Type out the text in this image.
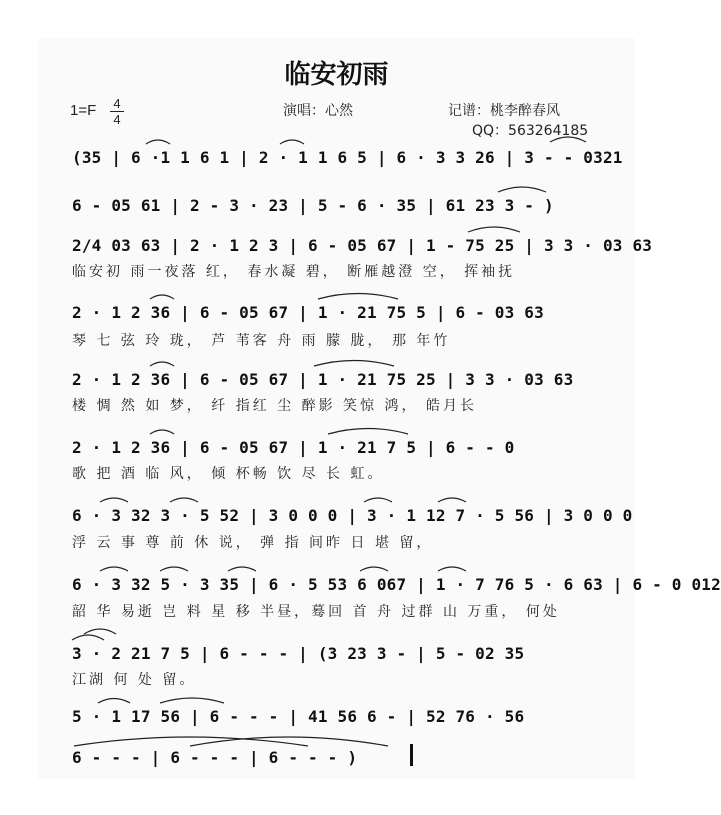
临安初雨
1=F 4
4
演唱：心然	记谱：桃李醉春风
QQ：563264185
(35 | 6 ·1 1 6 1 | 2 · 1 1 6 5 | 6 · 3 3 26 | 3 - - 0321
6 - 05 61 | 2 - 3 · 23 | 5 - 6 · 35 | 61 23 3 - )
2/4 03 63 | 2 · 1 2 3 | 6 - 05 67 | 1 - 75 25 | 3 3 · 03 63
临安初 雨一夜落 红， 春水凝 碧， 断雁越澄 空， 挥袖抚
2 · 1 2 36 | 6 - 05 67 | 1 · 21 75 5 | 6 - 03 63
琴 七 弦 玲 珑， 芦 苇客 舟 雨 朦 胧， 那 年竹
2 · 1 2 36 | 6 - 05 67 | 1 · 21 75 25 | 3 3 · 03 63
楼 惆 然 如 梦， 纤 指红 尘 醉影 笑惊 鸿， 皓月长
2 · 1 2 36 | 6 - 05 67 | 1 · 21 7 5 | 6 - - 0
歌 把 酒 临 风， 倾 杯畅 饮 尽 长 虹。
6 · 3 32 3 · 5 52 | 3 0 0 0 | 3 · 1 12 7 · 5 56 | 3 0 0 0
浮 云 事 尊 前 休 说， 弹 指 间昨 日 堪 留，
6 · 3 32 5 · 3 35 | 6 · 5 53 6 067 | 1 · 7 76 5 · 6 63 | 6 - 0 012
韶 华 易逝 岂 料 星 移 半昼，蓦回 首 舟 过群 山 万重， 何处
3 · 2 21 7 5 | 6 - - - | (3 23 3 - | 5 - 02 35
江湖 何 处 留。
5 · 1 17 56 | 6 - - - | 41 56 6 - | 52 76 · 56
6 - - - | 6 - - - | 6 - - - )
